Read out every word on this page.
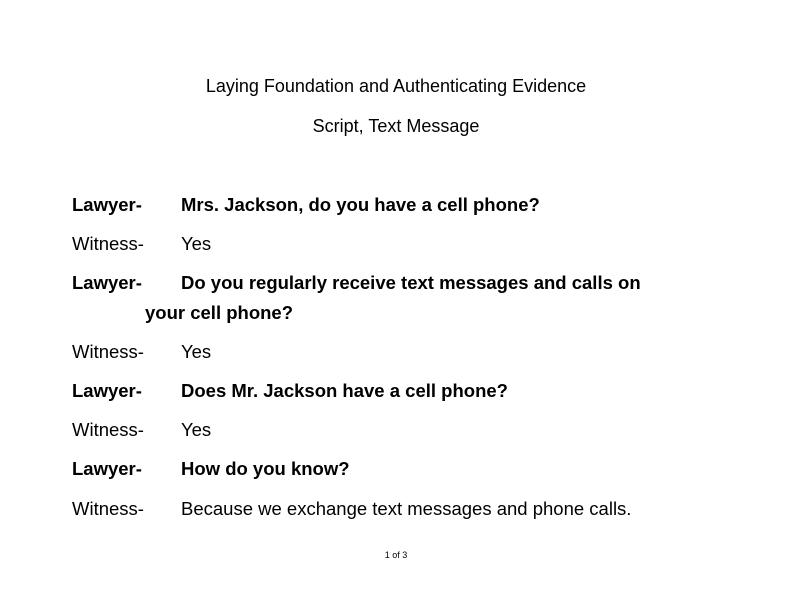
Laying Foundation and Authenticating Evidence
Script, Text Message
Lawyer- Mrs. Jackson, do you have a cell phone?
Witness- Yes
Lawyer- Do you regularly receive text messages and calls on
your cell phone?
Witness- Yes
Lawyer- Does Mr. Jackson have a cell phone?
Witness- Yes
Lawyer- How do you know?
Witness- Because we exchange text messages and phone calls.
1 of 3
